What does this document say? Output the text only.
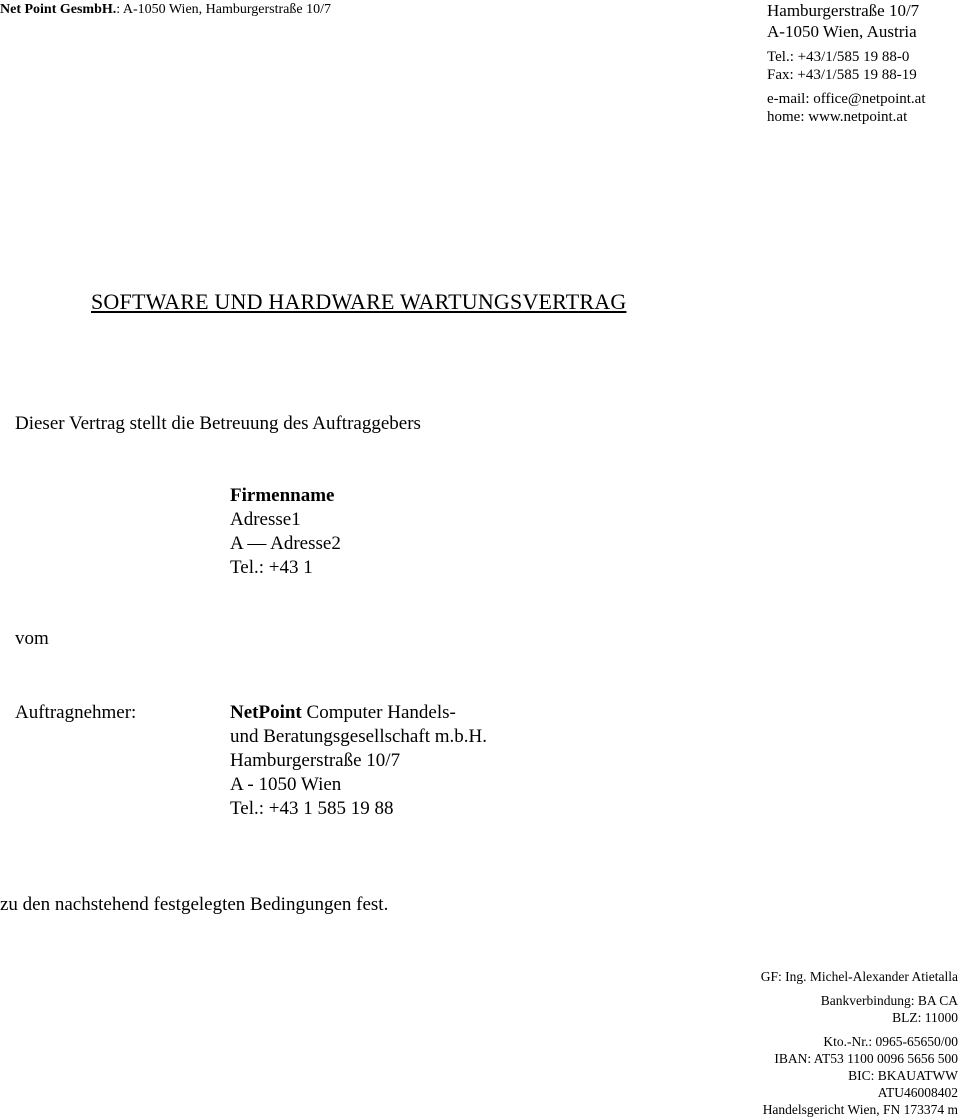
Net Point GesmbH.: A-1050 Wien, Hamburgerstraße 10/7	Hamburgerstraße 10/7
A-1050 Wien, Austria
Tel.: +43/1/585 19 88-0
Fax: +43/1/585 19 88-19
e-mail: office@netpoint.at
home: www.netpoint.at
SOFTWARE UND HARDWARE WARTUNGSVERTRAG
Dieser Vertrag stellt die Betreuung des Auftraggebers
Firmenname
Adresse1
A — Adresse2
Tel.: +43 1
vom
Auftragnehmer:	NetPoint Computer Handels-
und Beratungsgesellschaft m.b.H.
Hamburgerstraße 10/7
A - 1050 Wien
Tel.: +43 1 585 19 88
zu den nachstehend festgelegten Bedingungen fest.
GF: Ing. Michel-Alexander Atietalla
Bankverbindung: BA CA
BLZ: 11000
Kto.-Nr.: 0965-65650/00
IBAN: AT53 1100 0096 5656 500
BIC: BKAUATWW
ATU46008402
Handelsgericht Wien, FN 173374 m
